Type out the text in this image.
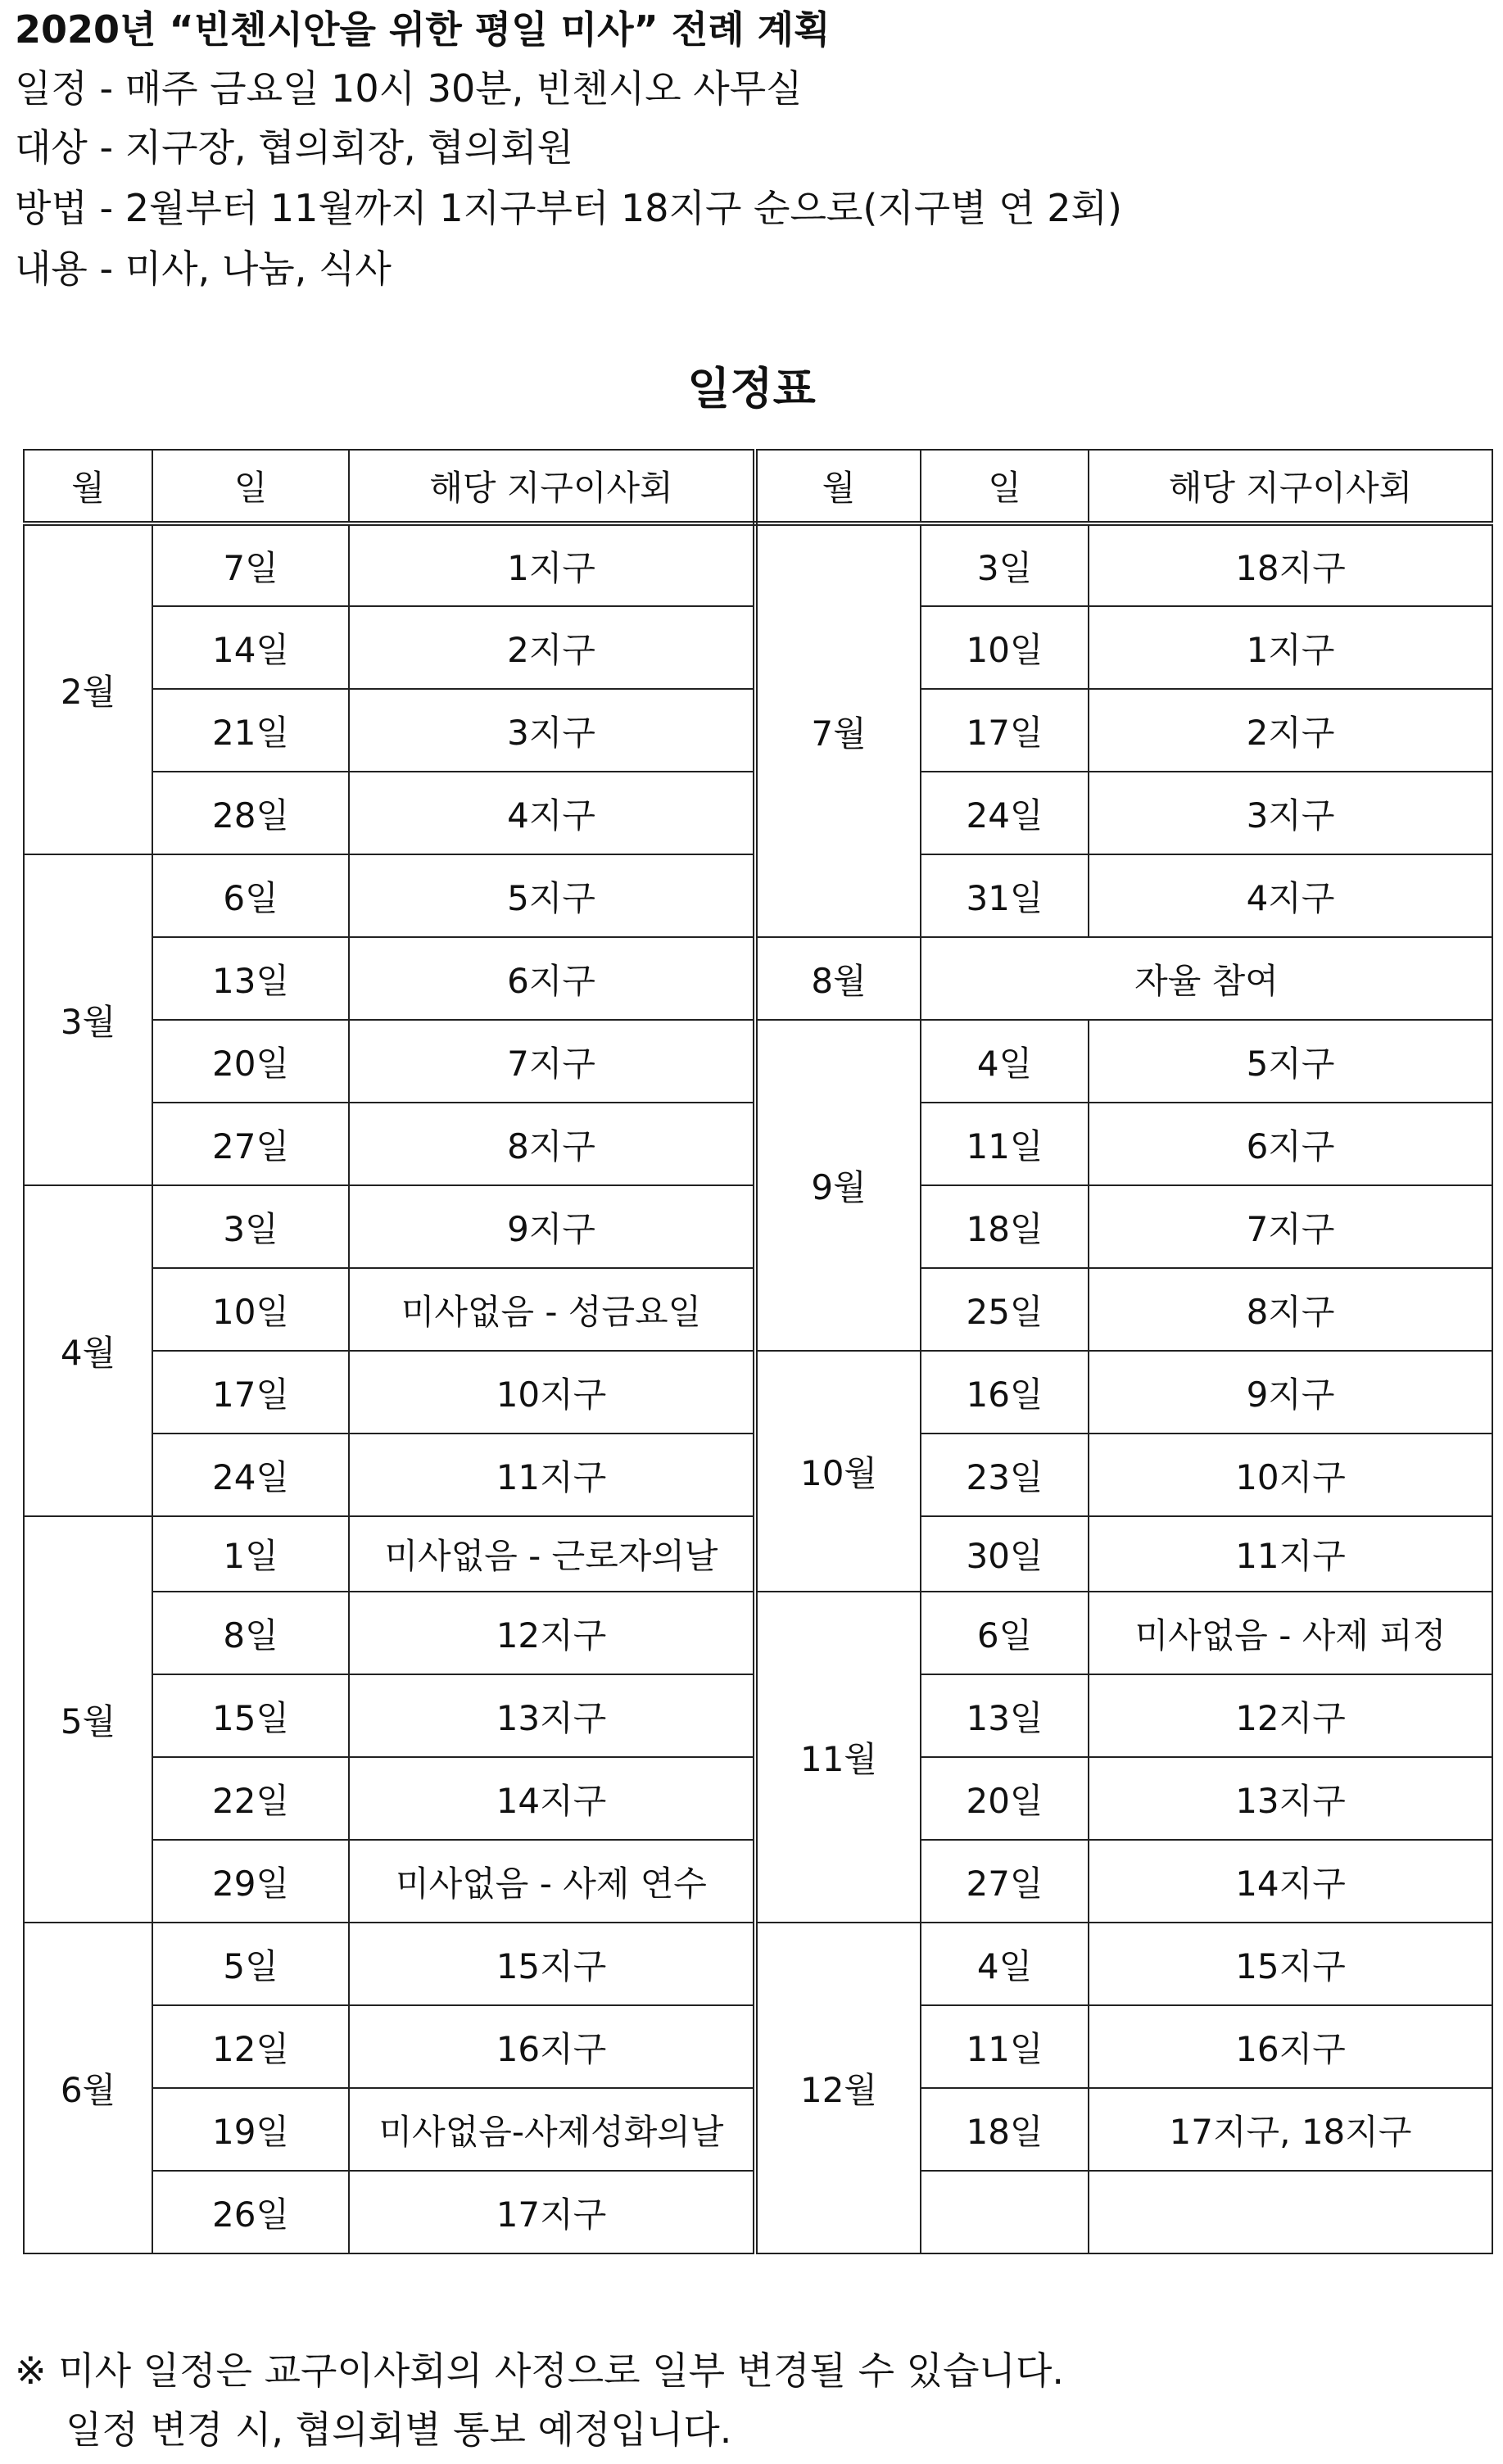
2020년 “빈첸시안을 위한 평일 미사” 전례 계획
일정 - 매주 금요일 10시 30분, 빈첸시오 사무실
대상 - 지구장, 협의회장, 협의회원
방법 - 2월부터 11월까지 1지구부터 18지구 순으로(지구별 연 2회)
내용 - 미사, 나눔, 식사
일정표
월	일	해당 지구이사회	월	일	해당 지구이사회
2월	7일	1지구	7월	3일	18지구
	14일	2지구		10일	1지구
	21일	3지구		17일	2지구
	28일	4지구		24일	3지구
3월	6일	5지구		31일	4지구
	13일	6지구	8월	자율 참여	
	20일	7지구	9월	4일	5지구
	27일	8지구		11일	6지구
4월	3일	9지구		18일	7지구
	10일	미사없음 - 성금요일		25일	8지구
	17일	10지구	10월	16일	9지구
	24일	11지구		23일	10지구
5월	1일	미사없음 - 근로자의날		30일	11지구
	8일	12지구	11월	6일	미사없음 - 사제 피정
	15일	13지구		13일	12지구
	22일	14지구		20일	13지구
	29일	미사없음 - 사제 연수		27일	14지구
6월	5일	15지구	12월	4일	15지구
	12일	16지구		11일	16지구
	19일	미사없음-사제성화의날		18일	17지구, 18지구
	26일	17지구			
※ 미사 일정은 교구이사회의 사정으로 일부 변경될 수 있습니다.
일정 변경 시, 협의회별 통보 예정입니다.
